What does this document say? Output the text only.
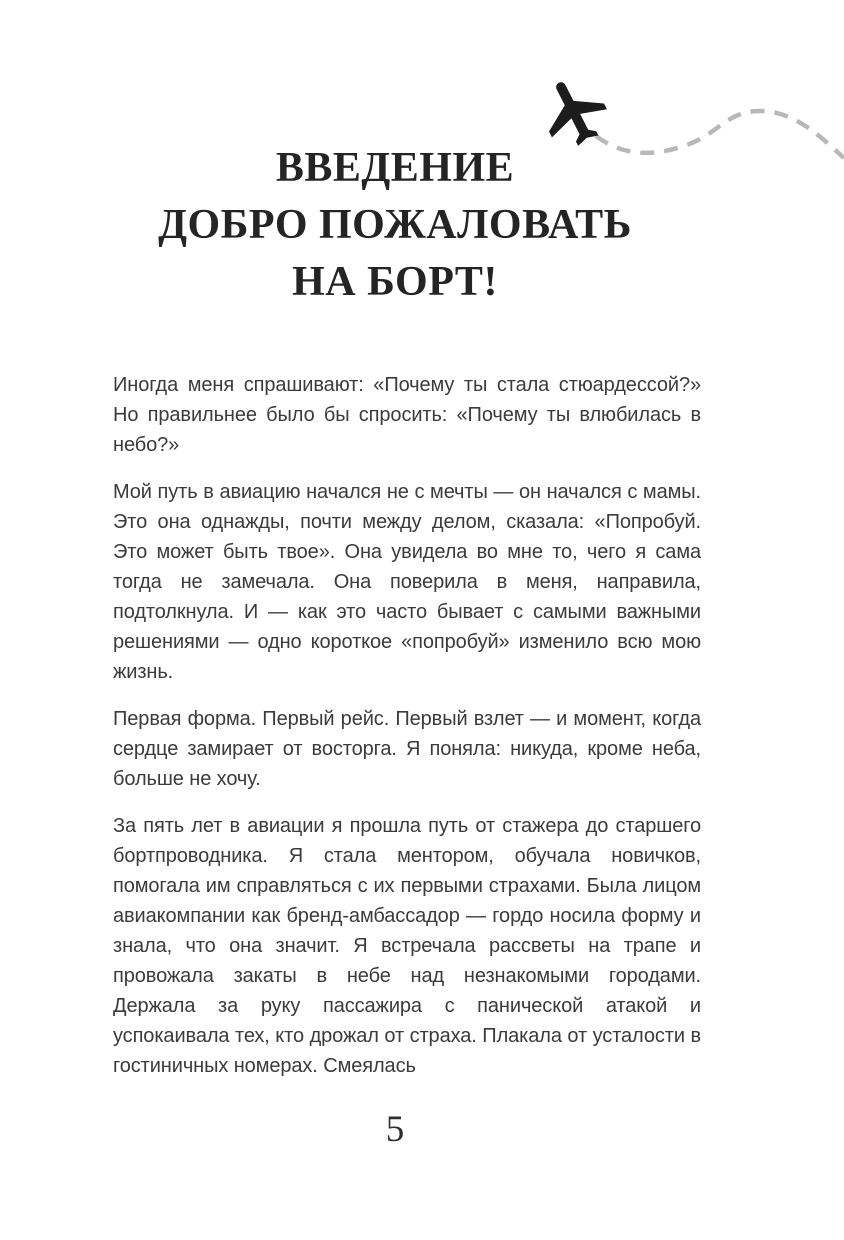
ВВЕДЕНИЕ
ДОБРО ПОЖАЛОВАТЬ
НА БОРТ!

Иногда меня спрашивают: «Почему ты стала стюардессой?» Но правильнее было бы спросить: «Почему ты влюбилась в небо?»

Мой путь в авиацию начался не с мечты — он начался с мамы. Это она однажды, почти между делом, сказала: «Попробуй. Это может быть твое». Она увидела во мне то, чего я сама тогда не замечала. Она поверила в меня, направила, подтолкнула. И — как это часто бывает с самыми важными решениями — одно короткое «попробуй» изменило всю мою жизнь.

Первая форма. Первый рейс. Первый взлет — и момент, когда сердце замирает от восторга. Я поняла: никуда, кроме неба, больше не хочу.

За пять лет в авиации я прошла путь от стажера до старшего бортпроводника. Я стала ментором, обучала новичков, помогала им справляться с их первыми страхами. Была лицом авиакомпании как бренд-амбассадор — гордо носила форму и знала, что она значит. Я встречала рассветы на трапе и провожала закаты в небе над незнакомыми городами. Держала за руку пассажира с панической атакой и успокаивала тех, кто дрожал от страха. Плакала от усталости в гостиничных номерах. Смеялась

5
